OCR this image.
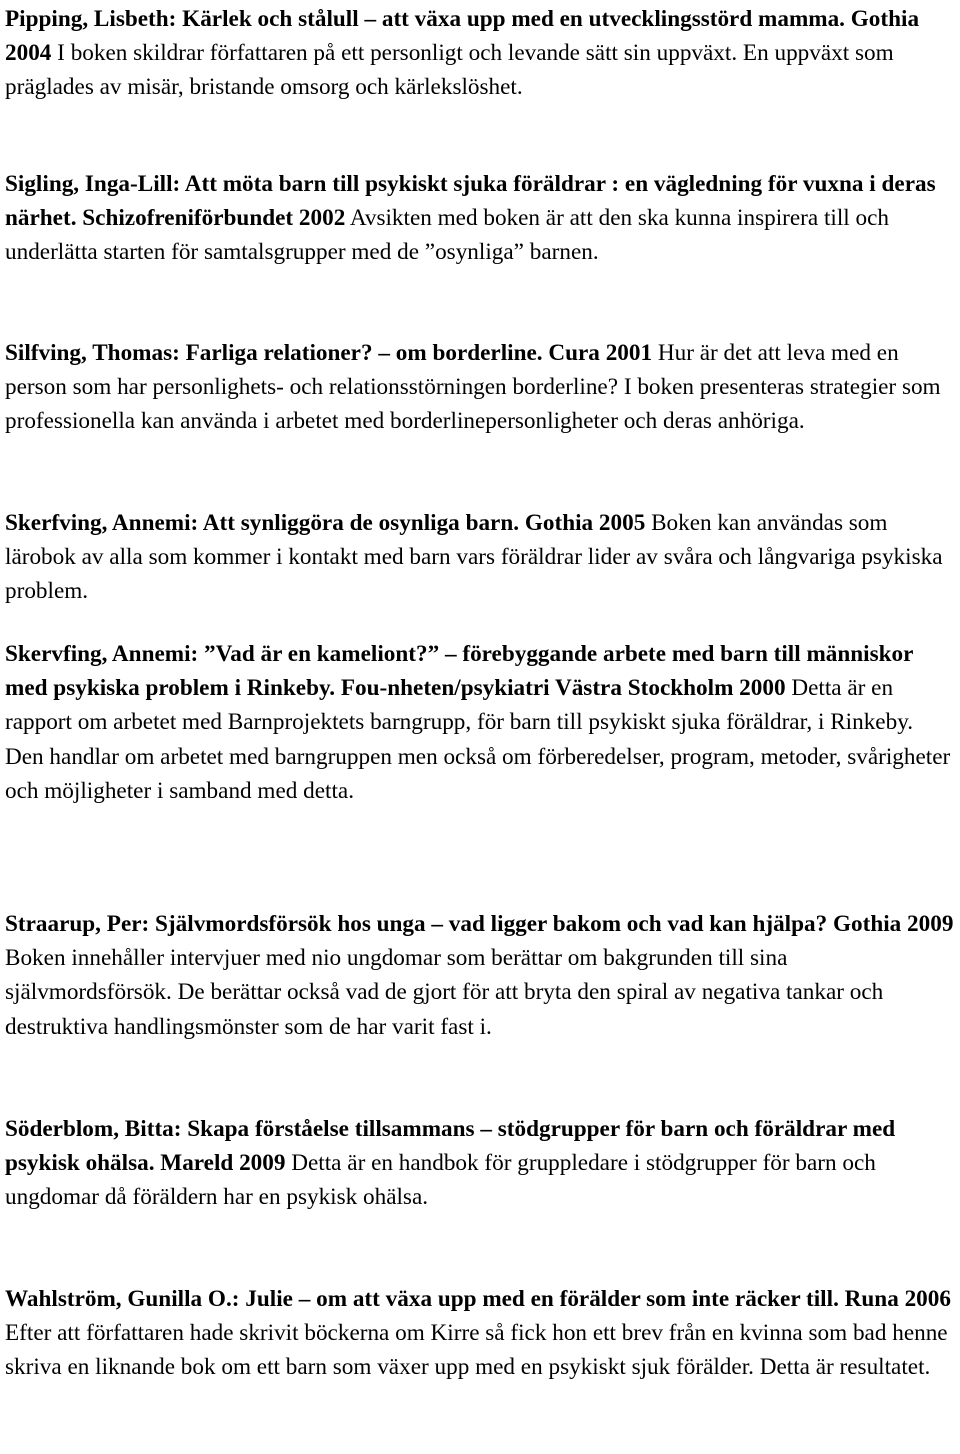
Pipping, Lisbeth: Kärlek och stålull – att växa upp med en utvecklingsstörd mamma. Gothia 2004 I boken skildrar författaren på ett personligt och levande sätt sin uppväxt. En uppväxt som präglades av misär, bristande omsorg och kärlekslöshet.
Sigling, Inga-Lill: Att möta barn till psykiskt sjuka föräldrar : en vägledning för vuxna i deras närhet. Schizofreniförbundet 2002 Avsikten med boken är att den ska kunna inspirera till och underlätta starten för samtalsgrupper med de ”osynliga” barnen.
Silfving, Thomas: Farliga relationer? – om borderline. Cura 2001 Hur är det att leva med en person som har personlighets- och relationsstörningen borderline? I boken presenteras strategier som professionella kan använda i arbetet med borderlinepersonligheter och deras anhöriga.
Skerfving, Annemi: Att synliggöra de osynliga barn. Gothia 2005 Boken kan användas som lärobok av alla som kommer i kontakt med barn vars föräldrar lider av svåra och långvariga psykiska problem.
Skervfing, Annemi: ”Vad är en kameliont?” – förebyggande arbete med barn till människor med psykiska problem i Rinkeby. Fou-nheten/psykiatri Västra Stockholm 2000 Detta är en rapport om arbetet med Barnprojektets barngrupp, för barn till psykiskt sjuka föräldrar, i Rinkeby. Den handlar om arbetet med barngruppen men också om förberedelser, program, metoder, svårigheter och möjligheter i samband med detta.
Straarup, Per: Självmordsförsök hos unga – vad ligger bakom och vad kan hjälpa? Gothia 2009 Boken innehåller intervjuer med nio ungdomar som berättar om bakgrunden till sina självmordsförsök. De berättar också vad de gjort för att bryta den spiral av negativa tankar och destruktiva handlingsmönster som de har varit fast i.
Söderblom, Bitta: Skapa förståelse tillsammans – stödgrupper för barn och föräldrar med psykisk ohälsa. Mareld 2009 Detta är en handbok för gruppledare i stödgrupper för barn och ungdomar då föräldern har en psykisk ohälsa.
Wahlström, Gunilla O.: Julie – om att växa upp med en förälder som inte räcker till. Runa 2006 Efter att författaren hade skrivit böckerna om Kirre så fick hon ett brev från en kvinna som bad henne skriva en liknande bok om ett barn som växer upp med en psykiskt sjuk förälder. Detta är resultatet.
